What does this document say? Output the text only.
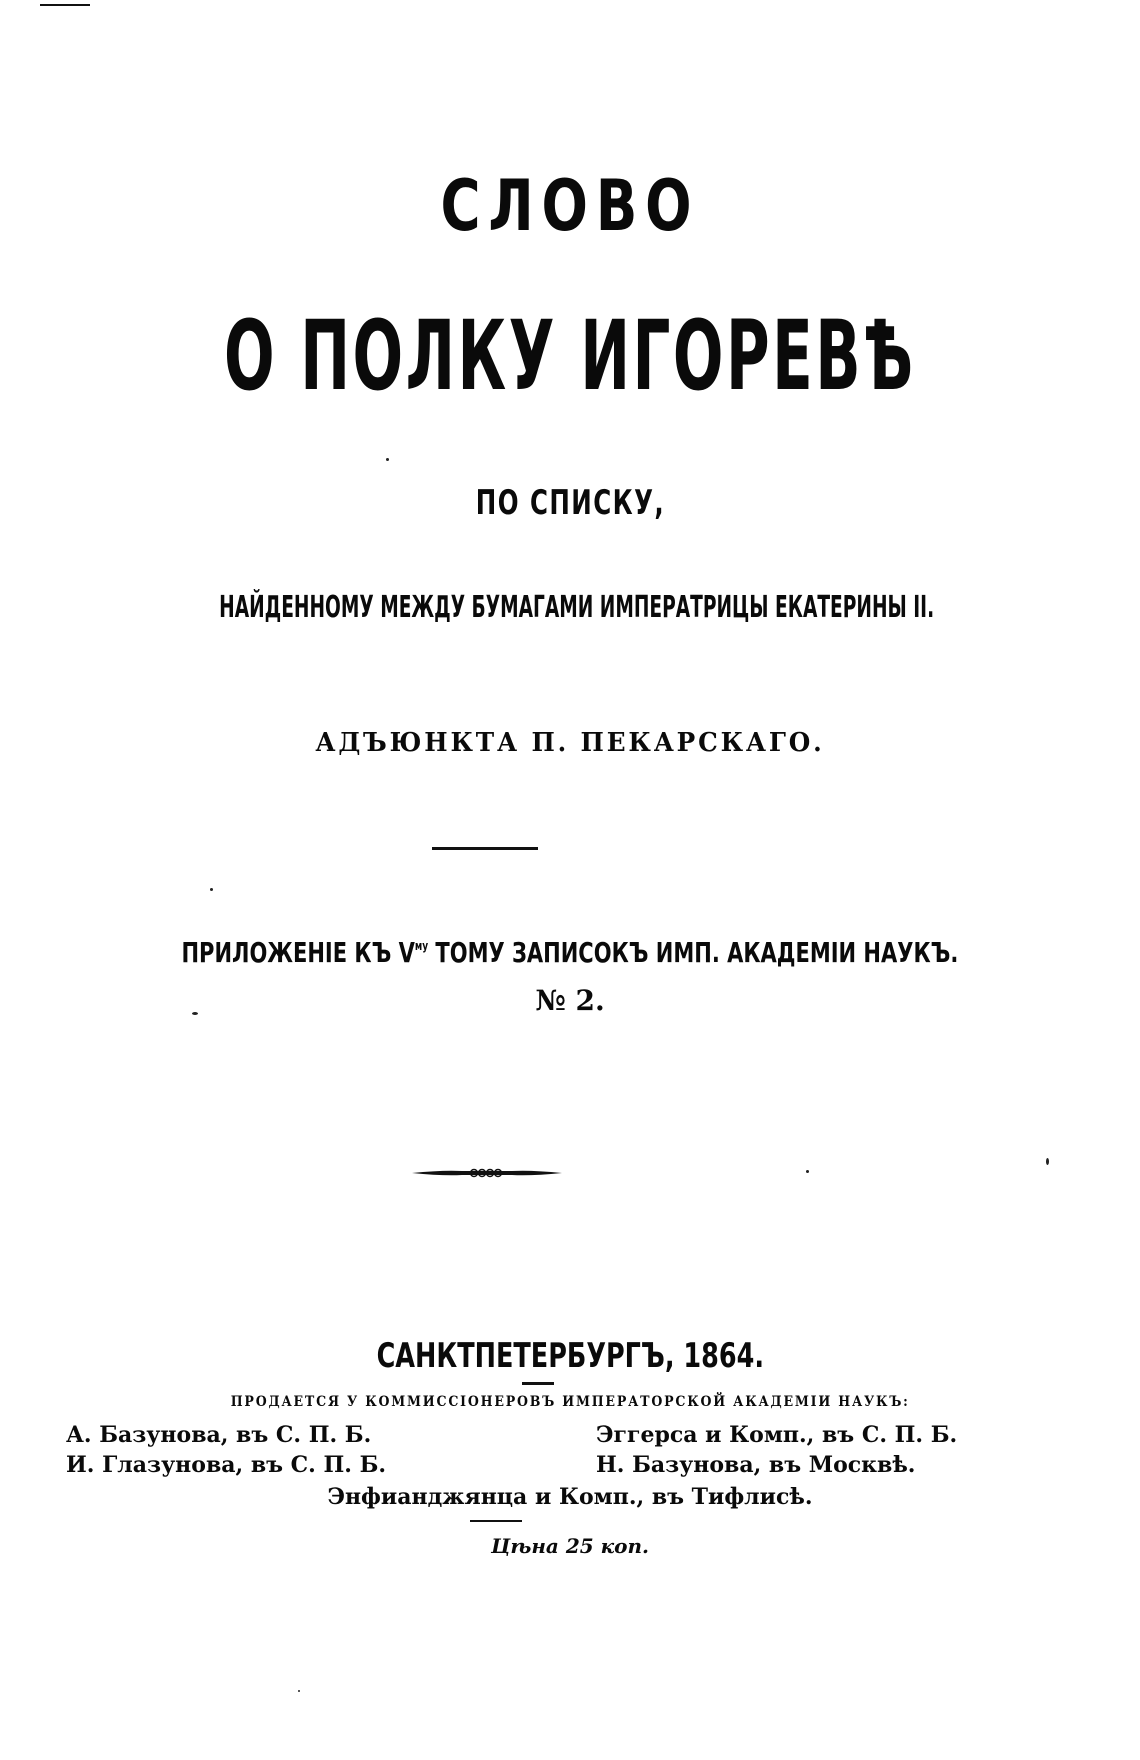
СЛОВО
О ПОЛКУ ИГОРЕВѢ
ПО СПИСКУ,
НАЙДЕННОМУ МЕЖДУ БУМАГАМИ ИМПЕРАТРИЦЫ ЕКАТЕРИНЫ II.
АДЪЮНКТА П. ПЕКАРСКАГО.
ПРИЛОЖЕНІЕ КЪ $V^{му}$ ТОМУ ЗАПИСОКЪ ИМП. АКАДЕМІИ НАУКЪ.
№ 2.
САНКТПЕТЕРБУРГЪ, 1864.
ПРОДАЕТСЯ У КОММИССІОНЕРОВЪ ИМПЕРАТОРСКОЙ АКАДЕМІИ НАУКЪ:
А. Базунова, въ С. П. Б.	Эггерса и Комп., въ С. П. Б.
И. Глазунова, въ С. П. Б.	Н. Базунова, въ Москвѣ.
Энфианджянца и Комп., въ Тифлисѣ.
Цѣна 25 коп.
